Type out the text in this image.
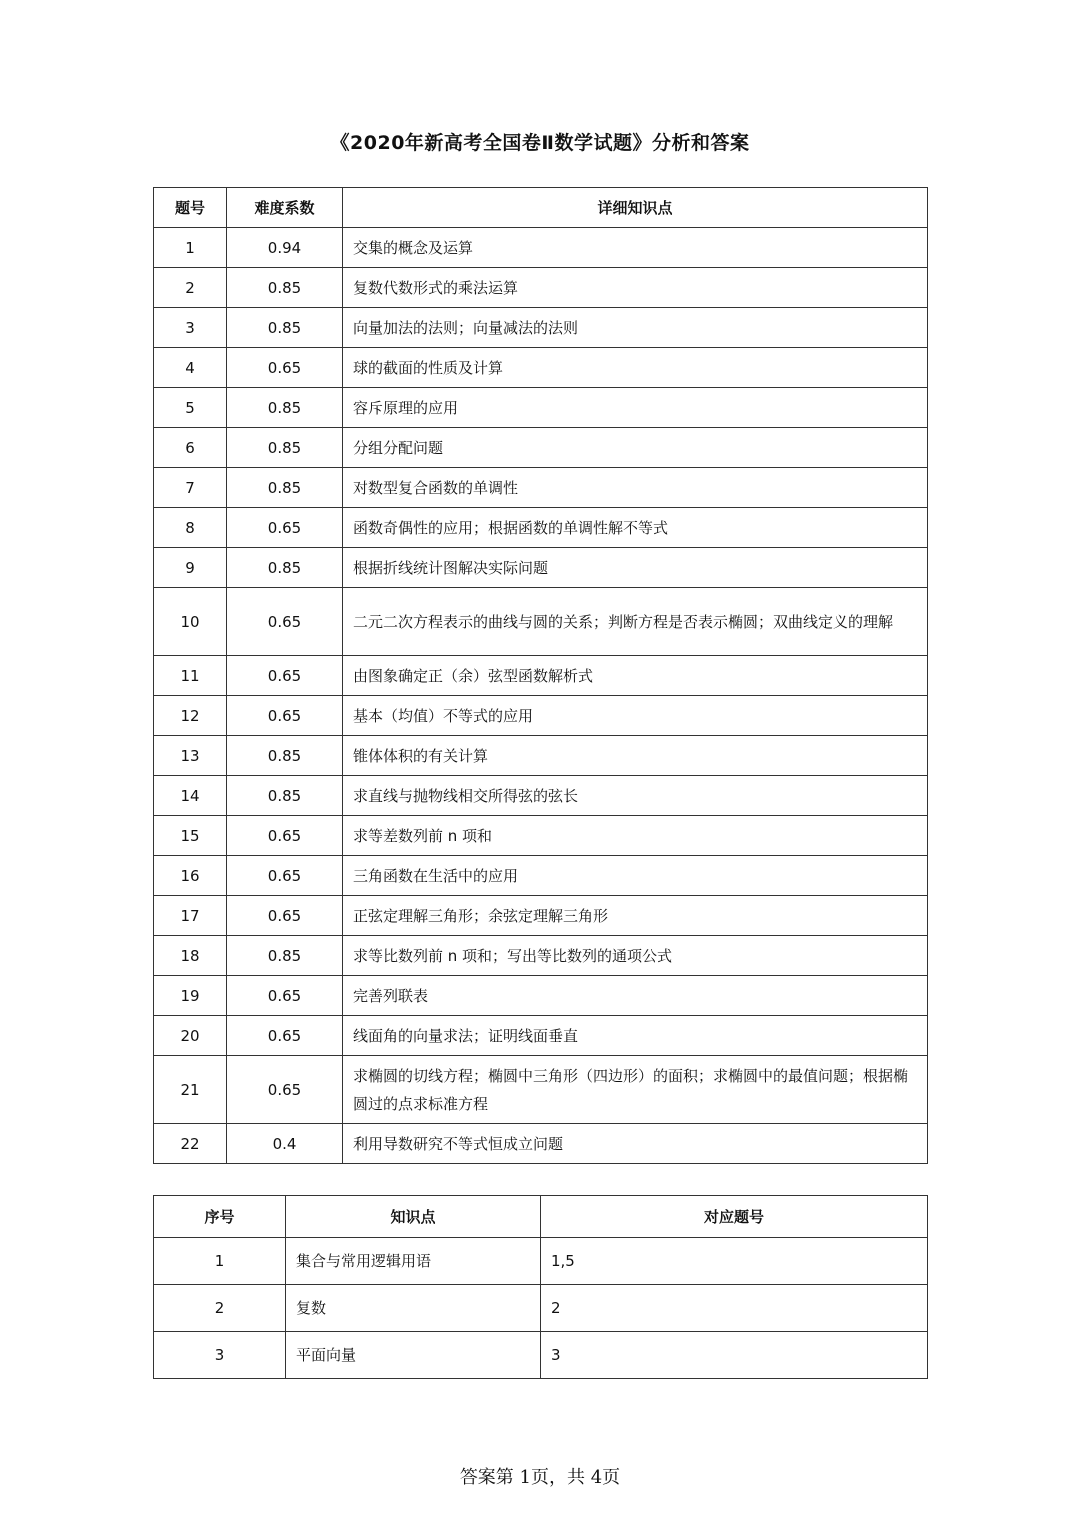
《2020年新高考全国卷Ⅱ数学试题》分析和答案
题号	难度系数	详细知识点
1	0.94	交集的概念及运算
2	0.85	复数代数形式的乘法运算
3	0.85	向量加法的法则；向量减法的法则
4	0.65	球的截面的性质及计算
5	0.85	容斥原理的应用
6	0.85	分组分配问题
7	0.85	对数型复合函数的单调性
8	0.65	函数奇偶性的应用；根据函数的单调性解不等式
9	0.85	根据折线统计图解决实际问题
10	0.65	二元二次方程表示的曲线与圆的关系；判断方程是否表示椭圆；双曲线定义的理解
11	0.65	由图象确定正（余）弦型函数解析式
12	0.65	基本（均值）不等式的应用
13	0.85	锥体体积的有关计算
14	0.85	求直线与抛物线相交所得弦的弦长
15	0.65	求等差数列前 n 项和
16	0.65	三角函数在生活中的应用
17	0.65	正弦定理解三角形；余弦定理解三角形
18	0.85	求等比数列前 n 项和；写出等比数列的通项公式
19	0.65	完善列联表
20	0.65	线面角的向量求法；证明线面垂直
21	0.65	求椭圆的切线方程；椭圆中三角形（四边形）的面积；求椭圆中的最值问题；根据椭圆过的点求标准方程
22	0.4	利用导数研究不等式恒成立问题
序号	知识点	对应题号
1	集合与常用逻辑用语	1,5
2	复数	2
3	平面向量	3
答案第 1页，共 4页
